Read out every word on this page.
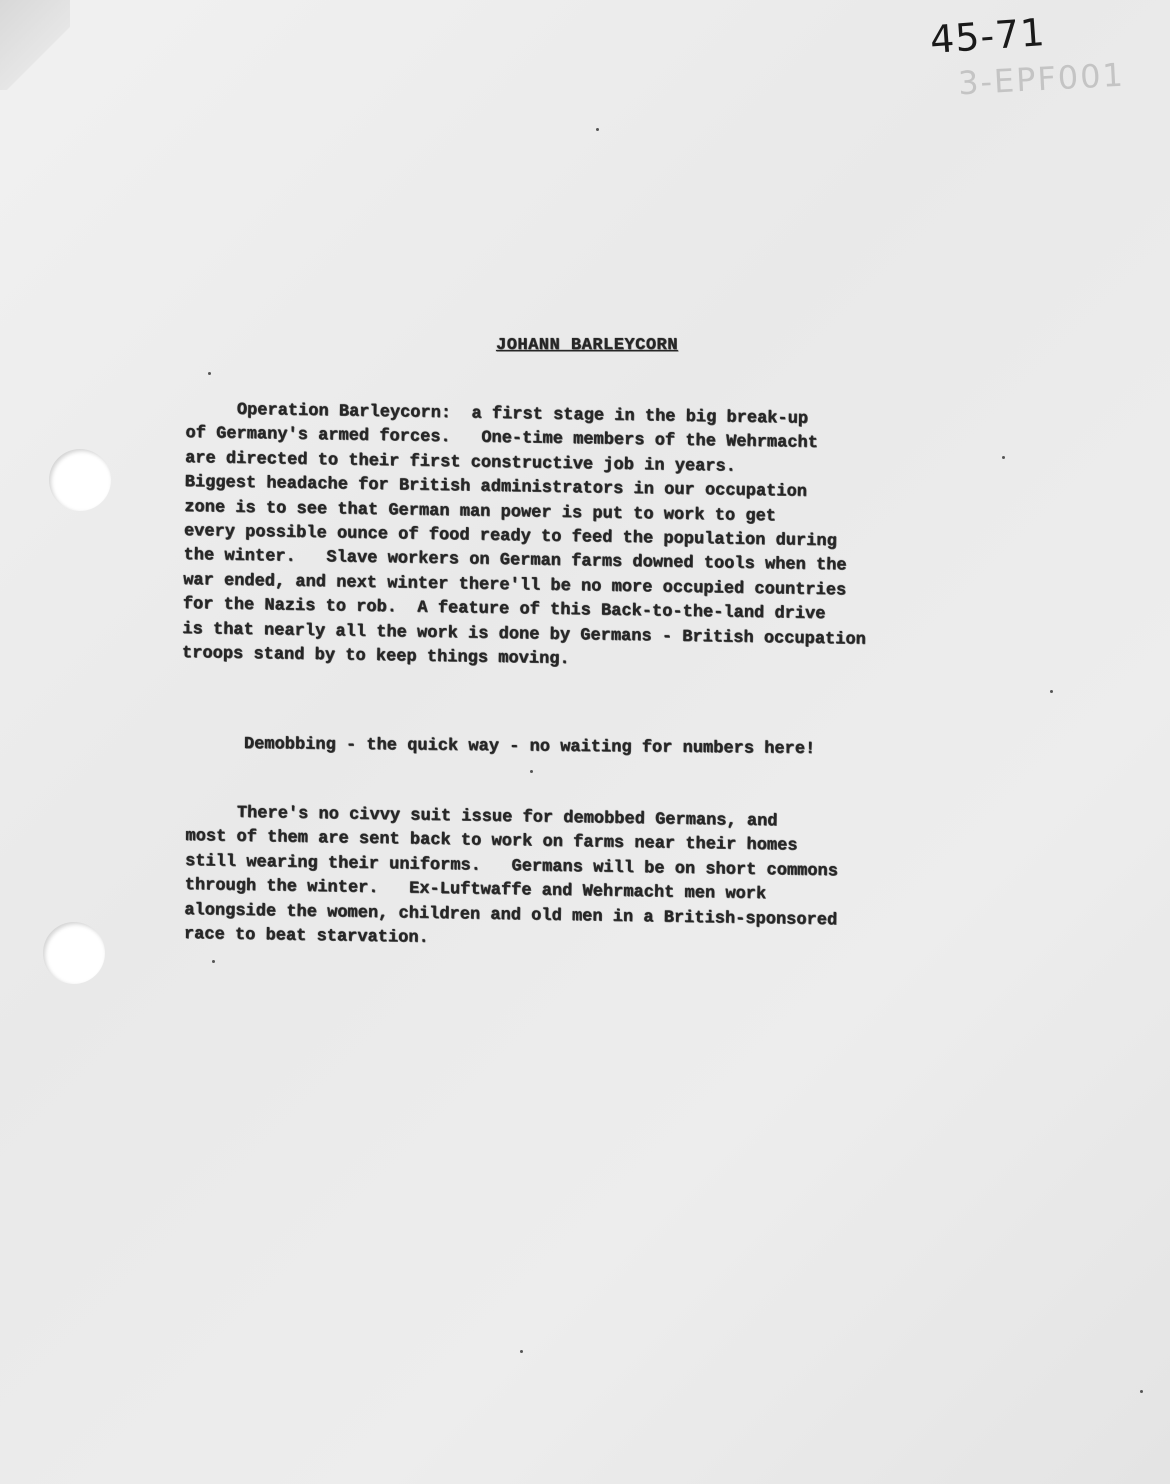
45-71
3-EPF001
JOHANN BARLEYCORN
Operation Barleycorn:  a first stage in the big break-up
of Germany's armed forces.   One-time members of the Wehrmacht
are directed to their first constructive job in years.
Biggest headache for British administrators in our occupation
zone is to see that German man power is put to work to get
every possible ounce of food ready to feed the population during
the winter.   Slave workers on German farms downed tools when the
war ended, and next winter there'll be no more occupied countries
for the Nazis to rob.  A feature of this Back-to-the-land drive
is that nearly all the work is done by Germans - British occupation
troops stand by to keep things moving.
Demobbing - the quick way - no waiting for numbers here!
There's no civvy suit issue for demobbed Germans, and
most of them are sent back to work on farms near their homes
still wearing their uniforms.   Germans will be on short commons
through the winter.   Ex-Luftwaffe and Wehrmacht men work
alongside the women, children and old men in a British-sponsored
race to beat starvation.
